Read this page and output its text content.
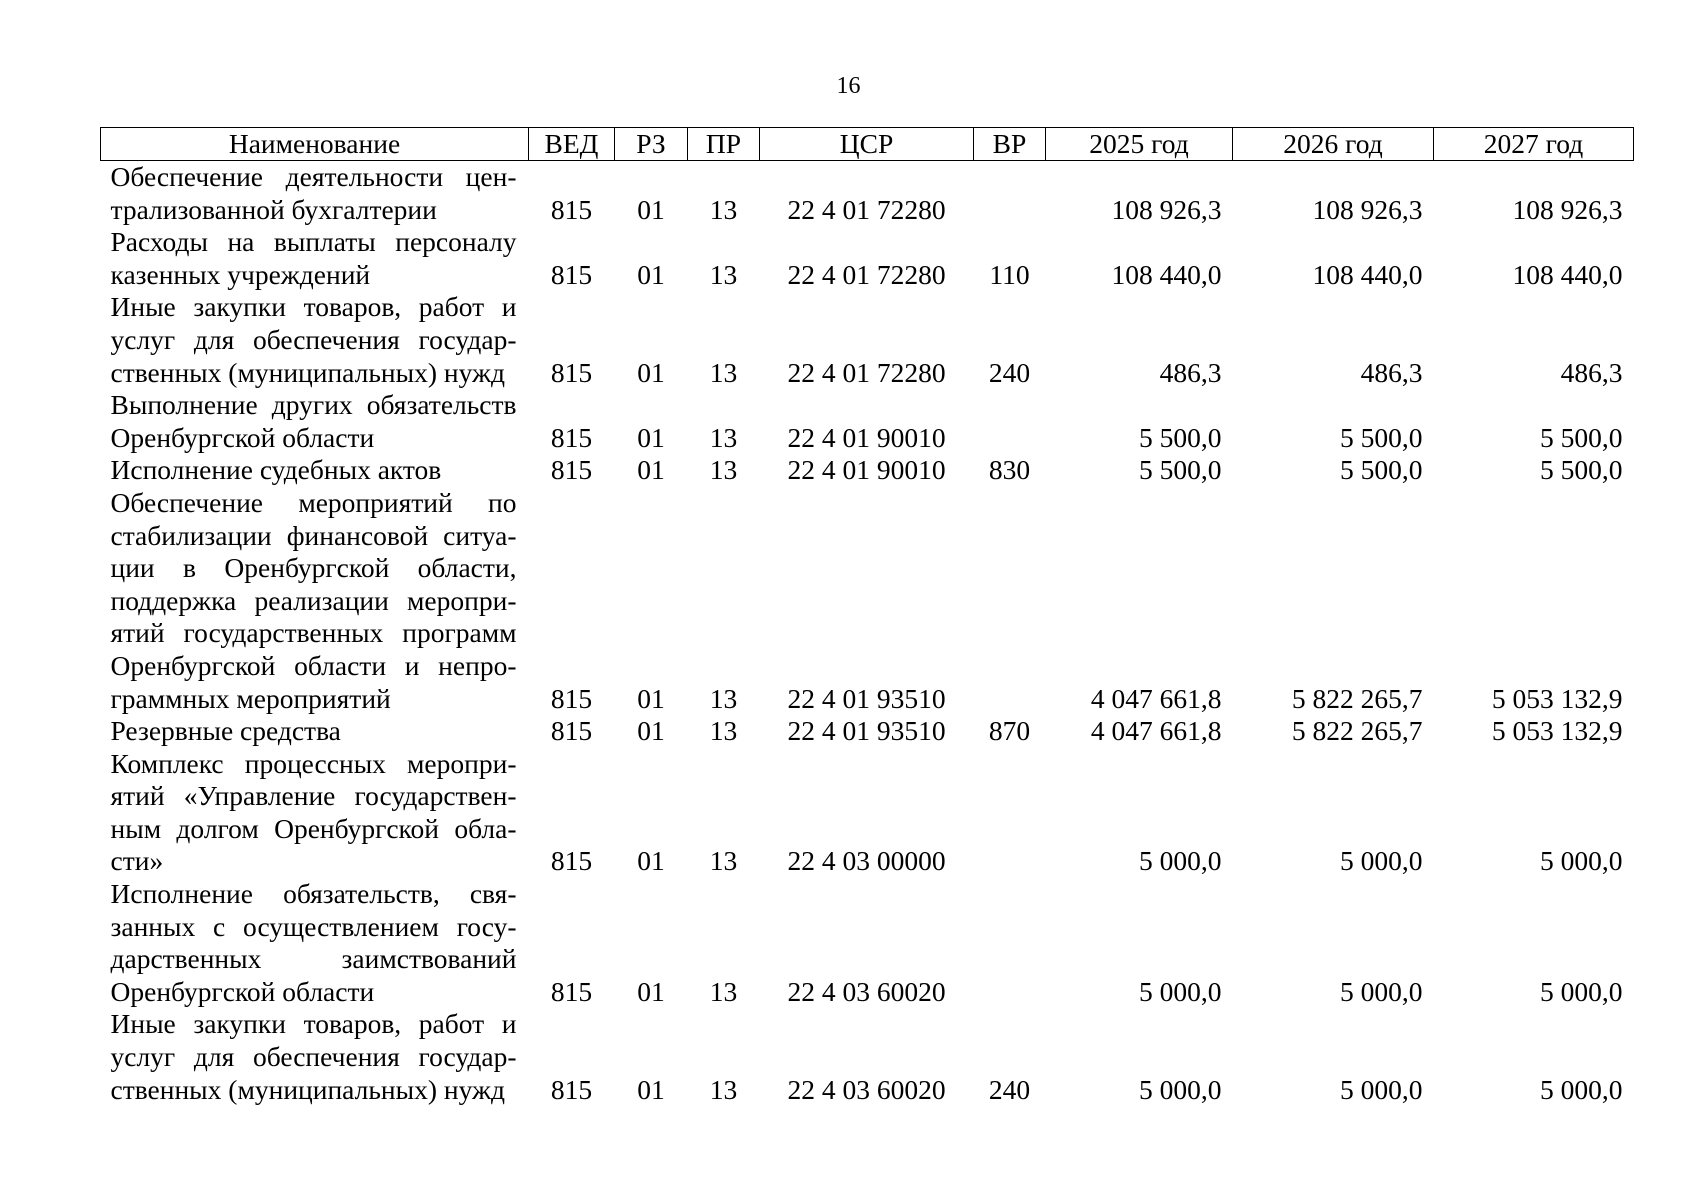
16
Наименование	ВЕД	РЗ	ПР	ЦСР	ВР	2025 год	2026 год	2027 год
Обеспечение деятельности централизованной бухгалтерии	815	01	13	22 4 01 72280		108 926,3	108 926,3	108 926,3
Расходы на выплаты персоналу казенных учреждений	815	01	13	22 4 01 72280	110	108 440,0	108 440,0	108 440,0
Иные закупки товаров, работ и услуг для обеспечения государственных (муниципальных) нужд	815	01	13	22 4 01 72280	240	486,3	486,3	486,3
Выполнение других обязательств Оренбургской области	815	01	13	22 4 01 90010		5 500,0	5 500,0	5 500,0
Исполнение судебных актов	815	01	13	22 4 01 90010	830	5 500,0	5 500,0	5 500,0
Обеспечение мероприятий по стабилизации финансовой ситуации в Оренбургской области, поддержка реализации мероприятий государственных программ Оренбургской области и непрограммных мероприятий	815	01	13	22 4 01 93510		4 047 661,8	5 822 265,7	5 053 132,9
Резервные средства	815	01	13	22 4 01 93510	870	4 047 661,8	5 822 265,7	5 053 132,9
Комплекс процессных мероприятий «Управление государственным долгом Оренбургской области»	815	01	13	22 4 03 00000		5 000,0	5 000,0	5 000,0
Исполнение обязательств, связанных с осуществлением государственных заимствований Оренбургской области	815	01	13	22 4 03 60020		5 000,0	5 000,0	5 000,0
Иные закупки товаров, работ и услуг для обеспечения государственных (муниципальных) нужд	815	01	13	22 4 03 60020	240	5 000,0	5 000,0	5 000,0
